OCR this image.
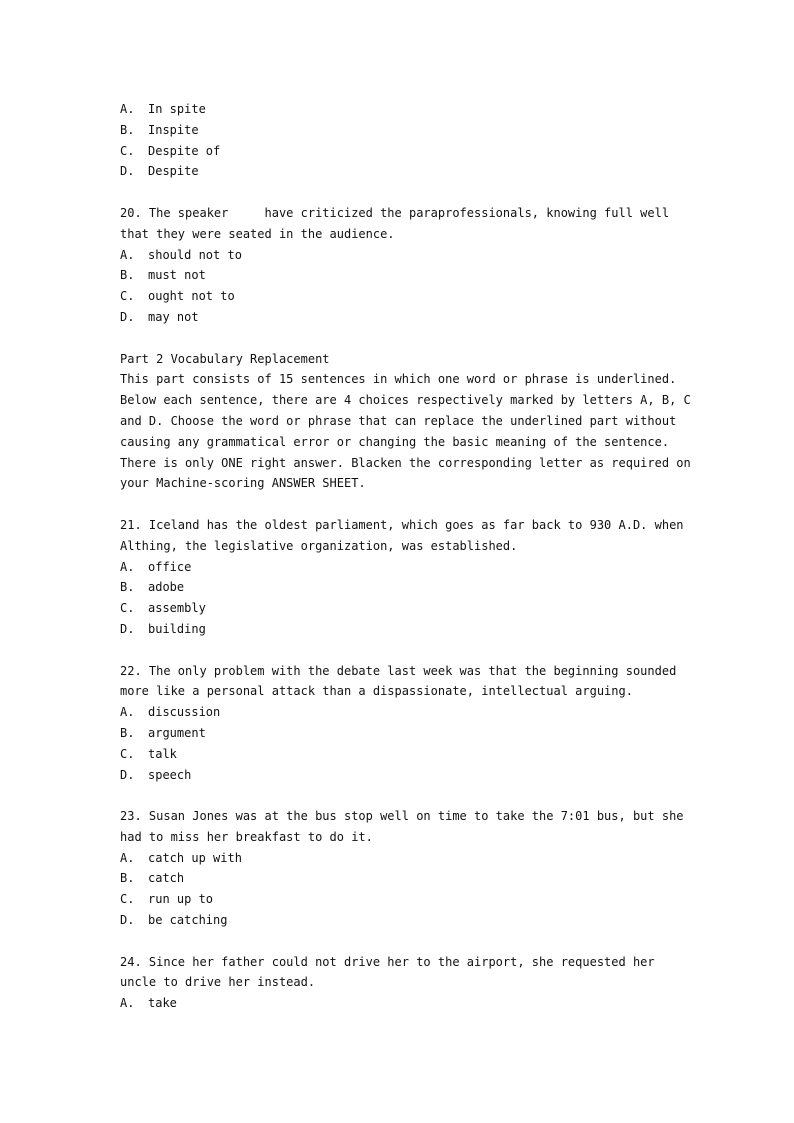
A. In spite
B. Inspite
C. Despite of
D. Despite
20. The speaker     have criticized the paraprofessionals, knowing full well
that they were seated in the audience.
A. should not to
B. must not
C. ought not to
D. may not
Part 2 Vocabulary Replacement
This part consists of 15 sentences in which one word or phrase is underlined.
Below each sentence, there are 4 choices respectively marked by letters A, B, C
and D. Choose the word or phrase that can replace the underlined part without
causing any grammatical error or changing the basic meaning of the sentence.
There is only ONE right answer. Blacken the corresponding letter as required on
your Machine-scoring ANSWER SHEET.
21. Iceland has the oldest parliament, which goes as far back to 930 A.D. when
Althing, the legislative organization, was established.
A. office
B. adobe
C. assembly
D. building
22. The only problem with the debate last week was that the beginning sounded
more like a personal attack than a dispassionate, intellectual arguing.
A. discussion
B. argument
C. talk
D. speech
23. Susan Jones was at the bus stop well on time to take the 7:01 bus, but she
had to miss her breakfast to do it.
A. catch up with
B. catch
C. run up to
D. be catching
24. Since her father could not drive her to the airport, she requested her
uncle to drive her instead.
A. take
